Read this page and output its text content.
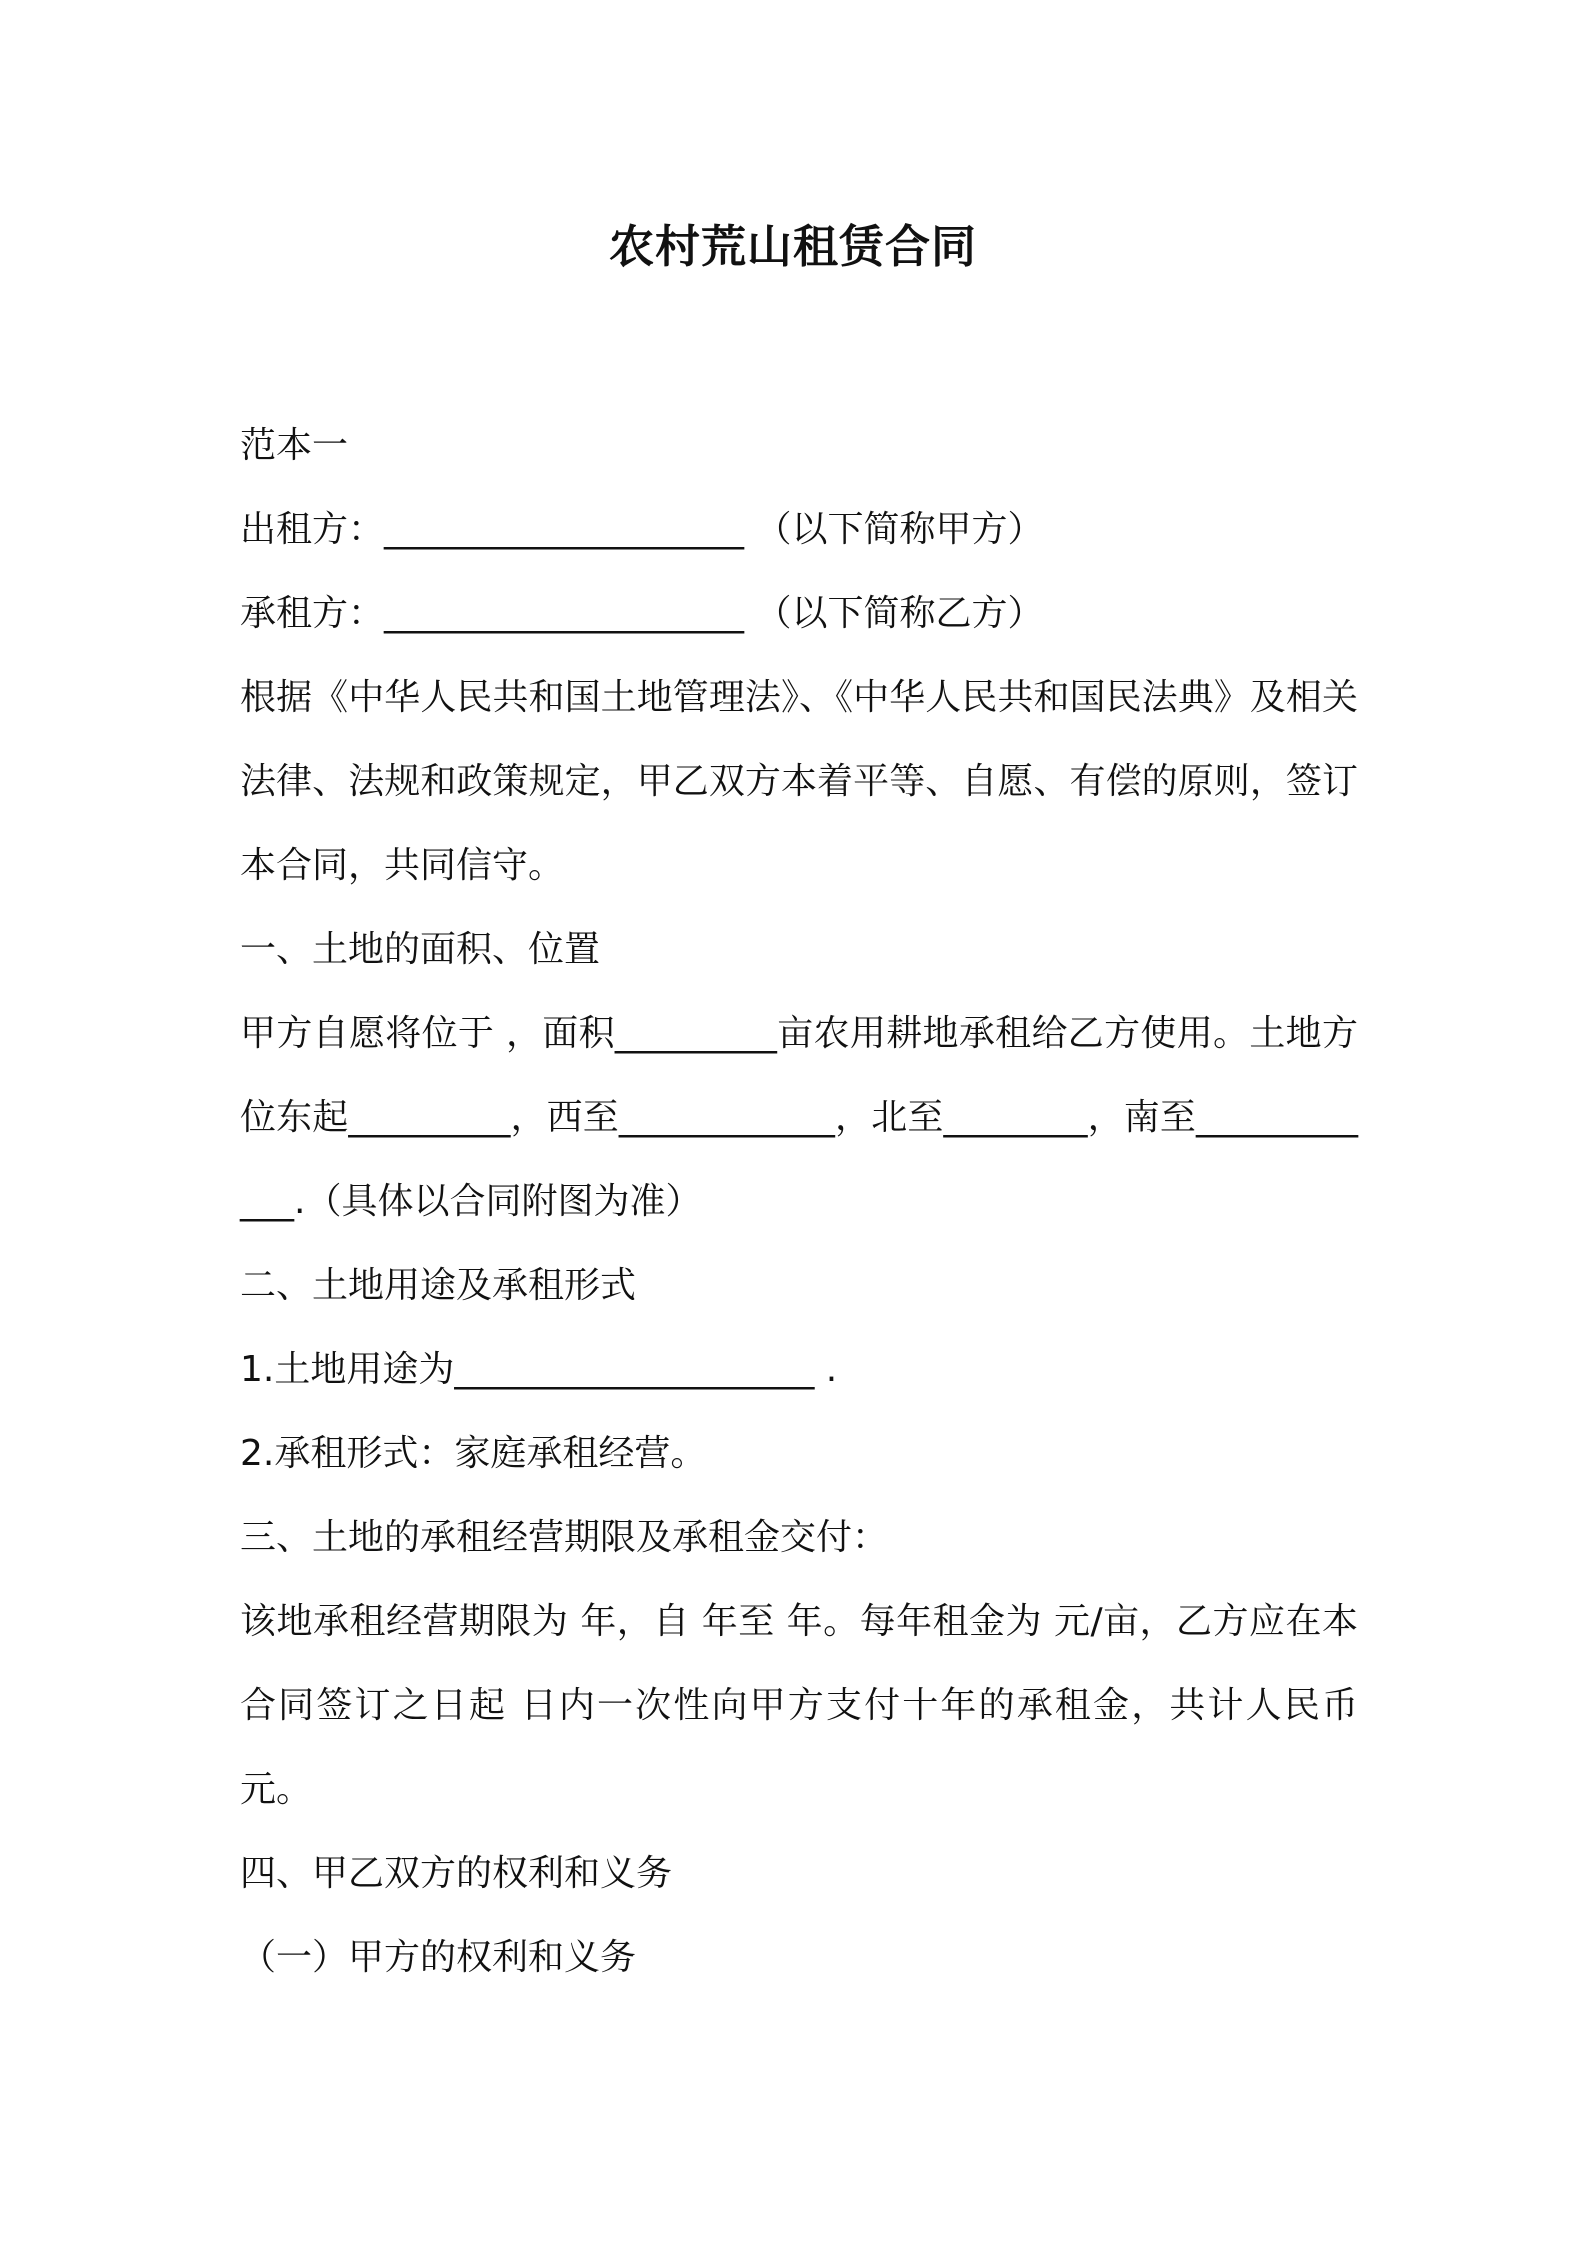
农村荒山租赁合同
范本一
出租方：____________________ （以下简称甲方）
承租方：____________________ （以下简称乙方）
根据《中华人民共和国土地管理法》、《中华人民共和国民法典》及相关法律、法规和政策规定，甲乙双方本着平等、自愿、有偿的原则，签订本合同，共同信守。
一、土地的面积、位置
甲方自愿将位于 ，面积_________亩农用耕地承租给乙方使用。土地方位东起_________，西至____________，北至________，南至____________.（具体以合同附图为准）
二、土地用途及承租形式
1.土地用途为____________________ .
2.承租形式：家庭承租经营。
三、土地的承租经营期限及承租金交付：
该地承租经营期限为 年，自 年至 年。每年租金为 元/亩，乙方应在本合同签订之日起 日内一次性向甲方支付十年的承租金，共计人民币 元。
四、甲乙双方的权利和义务
（一）甲方的权利和义务
